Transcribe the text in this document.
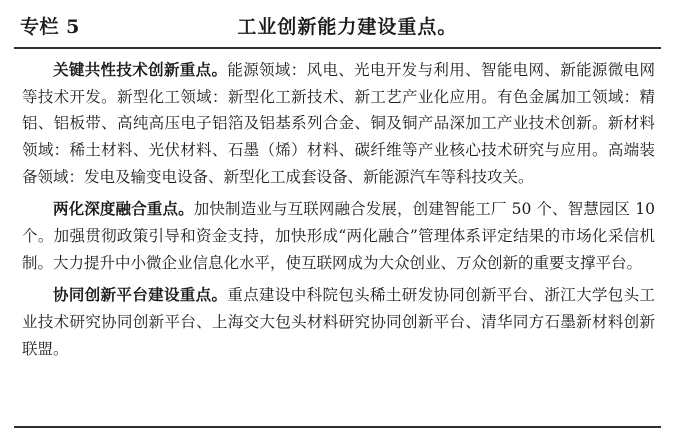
专栏 5	工业创新能力建设重点。

关键共性技术创新重点。能源领域：风电、光电开发与利用、智能电网、新能源微电网等技术开发。新型化工领域：新型化工新技术、新工艺产业化应用。有色金属加工领域：精铝、铝板带、高纯高压电子铝箔及铝基系列合金、铜及铜产品深加工产业技术创新。新材料领域：稀土材料、光伏材料、石墨（烯）材料、碳纤维等产业核心技术研究与应用。高端装备领域：发电及输变电设备、新型化工成套设备、新能源汽车等科技攻关。

两化深度融合重点。加快制造业与互联网融合发展，创建智能工厂 50 个、智慧园区 10 个。加强贯彻政策引导和资金支持，加快形成“两化融合”管理体系评定结果的市场化采信机制。大力提升中小微企业信息化水平，使互联网成为大众创业、万众创新的重要支撑平台。

协同创新平台建设重点。重点建设中科院包头稀土研发协同创新平台、浙江大学包头工业技术研究协同创新平台、上海交大包头材料研究协同创新平台、清华同方石墨新材料创新联盟。
